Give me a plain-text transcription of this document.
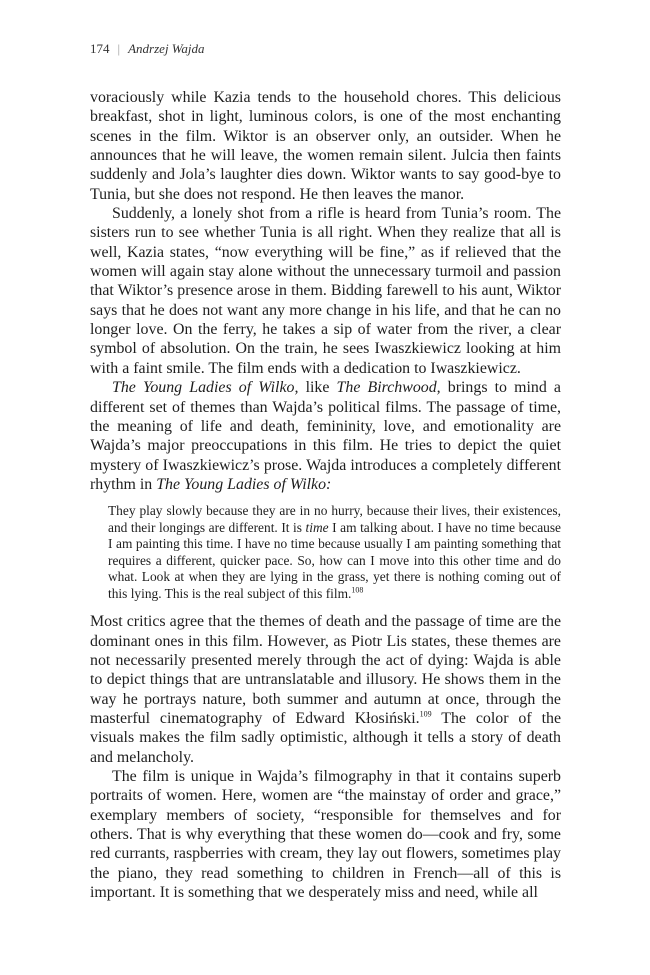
174 | Andrzej Wajda

voraciously while Kazia tends to the household chores. This delicious breakfast, shot in light, luminous colors, is one of the most enchanting scenes in the film. Wiktor is an observer only, an outsider. When he announces that he will leave, the women remain silent. Julcia then faints suddenly and Jola’s laughter dies down. Wiktor wants to say good-bye to Tunia, but she does not respond. He then leaves the manor.

Suddenly, a lonely shot from a rifle is heard from Tunia’s room. The sisters run to see whether Tunia is all right. When they realize that all is well, Kazia states, “now everything will be fine,” as if relieved that the women will again stay alone without the unnecessary turmoil and passion that Wiktor’s presence arose in them. Bidding farewell to his aunt, Wiktor says that he does not want any more change in his life, and that he can no longer love. On the ferry, he takes a sip of water from the river, a clear symbol of absolution. On the train, he sees Iwaszkiewicz looking at him with a faint smile. The film ends with a dedication to Iwaszkiewicz.

The Young Ladies of Wilko, like The Birchwood, brings to mind a different set of themes than Wajda’s political films. The passage of time, the meaning of life and death, femininity, love, and emotionality are Wajda’s major preoccupations in this film. He tries to depict the quiet mystery of Iwaszkiewicz’s prose. Wajda introduces a completely different rhythm in The Young Ladies of Wilko:

They play slowly because they are in no hurry, because their lives, their existences, and their longings are different. It is time I am talking about. I have no time because I am painting this time. I have no time because usually I am painting something that requires a different, quicker pace. So, how can I move into this other time and do what. Look at when they are lying in the grass, yet there is nothing coming out of this lying. This is the real subject of this film.$^{108}$

Most critics agree that the themes of death and the passage of time are the dominant ones in this film. However, as Piotr Lis states, these themes are not necessarily presented merely through the act of dying: Wajda is able to depict things that are untranslatable and illusory. He shows them in the way he portrays nature, both summer and autumn at once, through the masterful cinematography of Edward Kłosiński.$^{109}$ The color of the visuals makes the film sadly optimistic, although it tells a story of death and melancholy.

The film is unique in Wajda’s filmography in that it contains superb portraits of women. Here, women are “the mainstay of order and grace,” exemplary members of society, “responsible for themselves and for others. That is why everything that these women do—cook and fry, some red currants, raspberries with cream, they lay out flowers, sometimes play the piano, they read something to children in French—all of this is important. It is something that we desperately miss and need, while all
